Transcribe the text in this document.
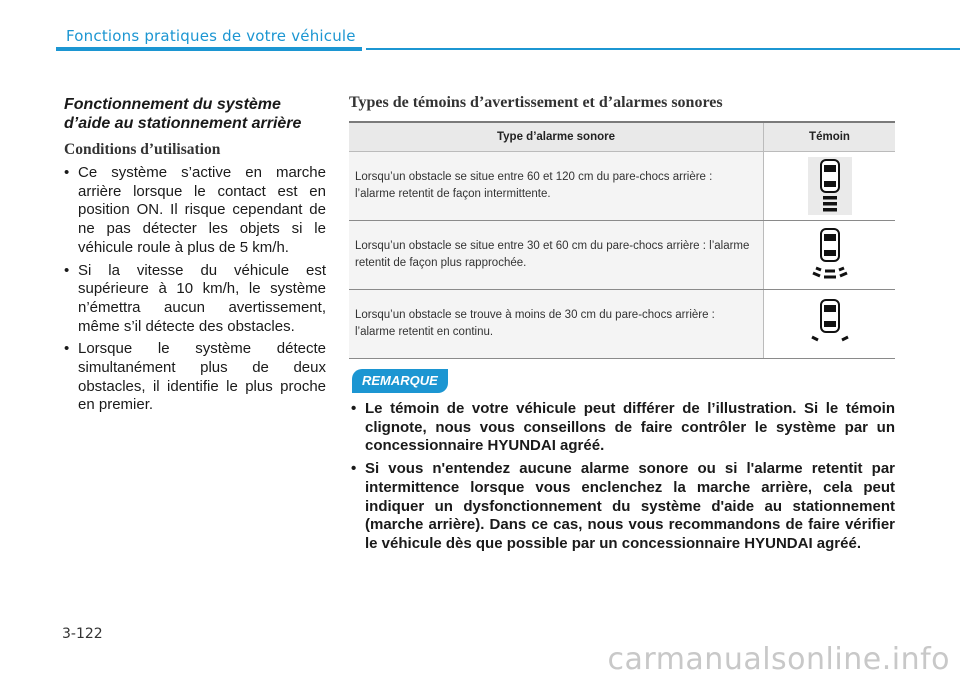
Fonctions pratiques de votre véhicule
Fonctionnement du système d’aide au stationnement arrière
Conditions d’utilisation
• Ce système s’active en marche arrière lorsque le contact est en position ON. Il risque cependant de ne pas détecter les objets si le véhicule roule à plus de 5 km/h.
• Si la vitesse du véhicule est supérieure à 10 km/h, le système n’émettra aucun avertissement, même s’il détecte des obstacles.
• Lorsque le système détecte simultanément plus de deux obstacles, il identifie le plus proche en premier.
Types de témoins d’avertissement et d’alarmes sonores
Type d’alarme sonore	Témoin
Lorsqu’un obstacle se situe entre 60 et 120 cm du pare-chocs arrière : l’alarme retentit de façon intermittente.	
Lorsqu’un obstacle se situe entre 30 et 60 cm du pare-chocs arrière : l’alarme retentit de façon plus rapprochée.	
Lorsqu’un obstacle se trouve à moins de 30 cm du pare-chocs arrière : l’alarme retentit en continu.	
REMARQUE
• Le témoin de votre véhicule peut différer de l’illustration. Si le témoin clignote, nous vous conseillons de faire contrôler le système par un concessionnaire HYUNDAI agréé.
• Si vous n'entendez aucune alarme sonore ou si l'alarme retentit par intermittence lorsque vous enclenchez la marche arrière, cela peut indiquer un dysfonctionnement du système d'aide au stationnement (marche arrière). Dans ce cas, nous vous recommandons de faire vérifier le véhicule dès que possible par un concessionnaire HYUNDAI agréé.
3-122
carmanualsonline.info
